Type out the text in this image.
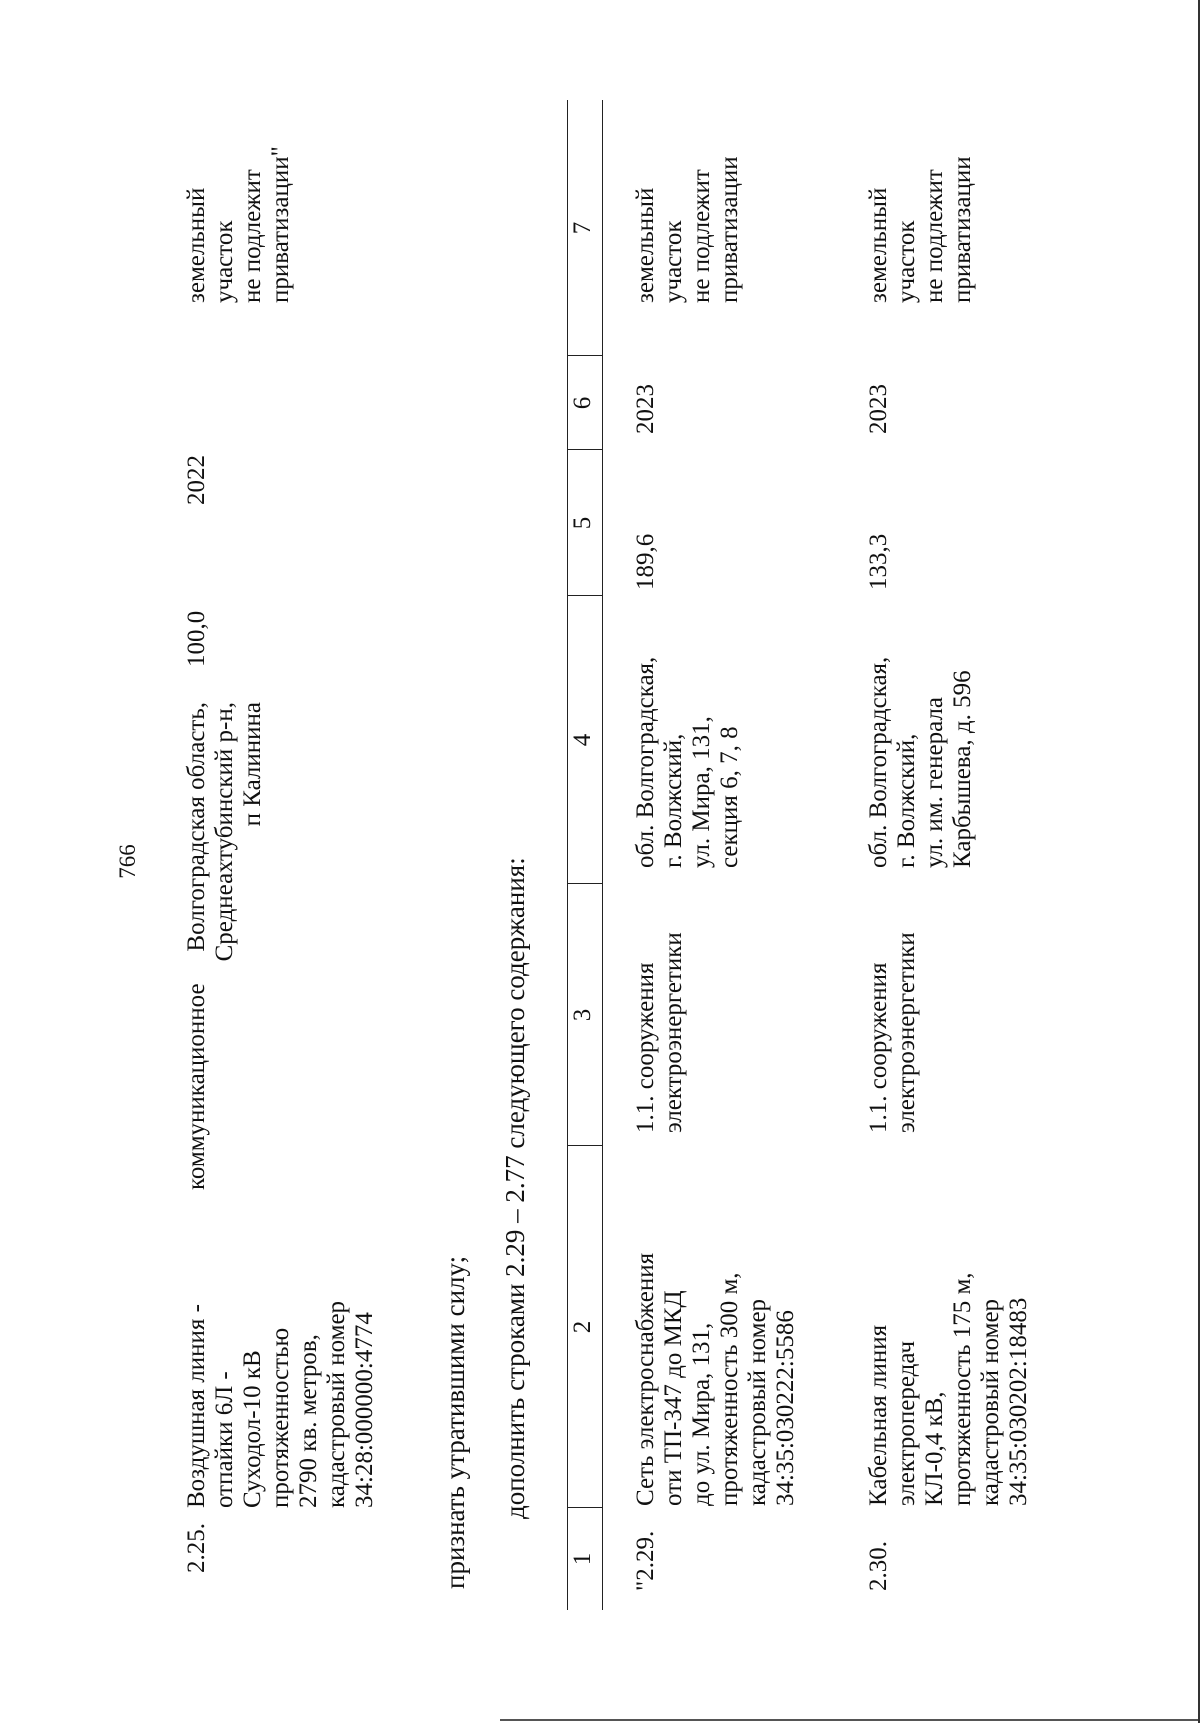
766
2.25.

Воздушная линия - отпайки 6Л - Суходол-10 кВ протяженностью 2790 кв. метров, кадастровый номер 34:28:000000:4774

коммуникационное

Волгоградская область, Среднеахтубинский р-н, п Калинина

100,0
2022

земельный участок не подлежит приватизации"

признать утратившими силу; дополнить строками 2.29 – 2.77 следующего содержания:
1
2
3
4
5
6
7
"2.29.

Сеть электроснабжения оти ТП-347 до МКД до ул. Мира, 131, протяженность 300 м, кадастровый номер 34:35:030222:5586

1.1. сооружения электроэнергетики

обл. Волгоградская, г. Волжский, ул. Мира, 131, секция 6, 7, 8

189,6
2023

земельный участок не подлежит приватизации

2.30.

Кабельная линия электропередач КЛ-0,4 кВ, протяженность 175 м, кадастровый номер 34:35:030202:18483

1.1. сооружения электроэнергетики

обл. Волгоградская, г. Волжский, ул. им. генерала Карбышева, д. 596

133,3
2023

земельный участок не подлежит приватизации
